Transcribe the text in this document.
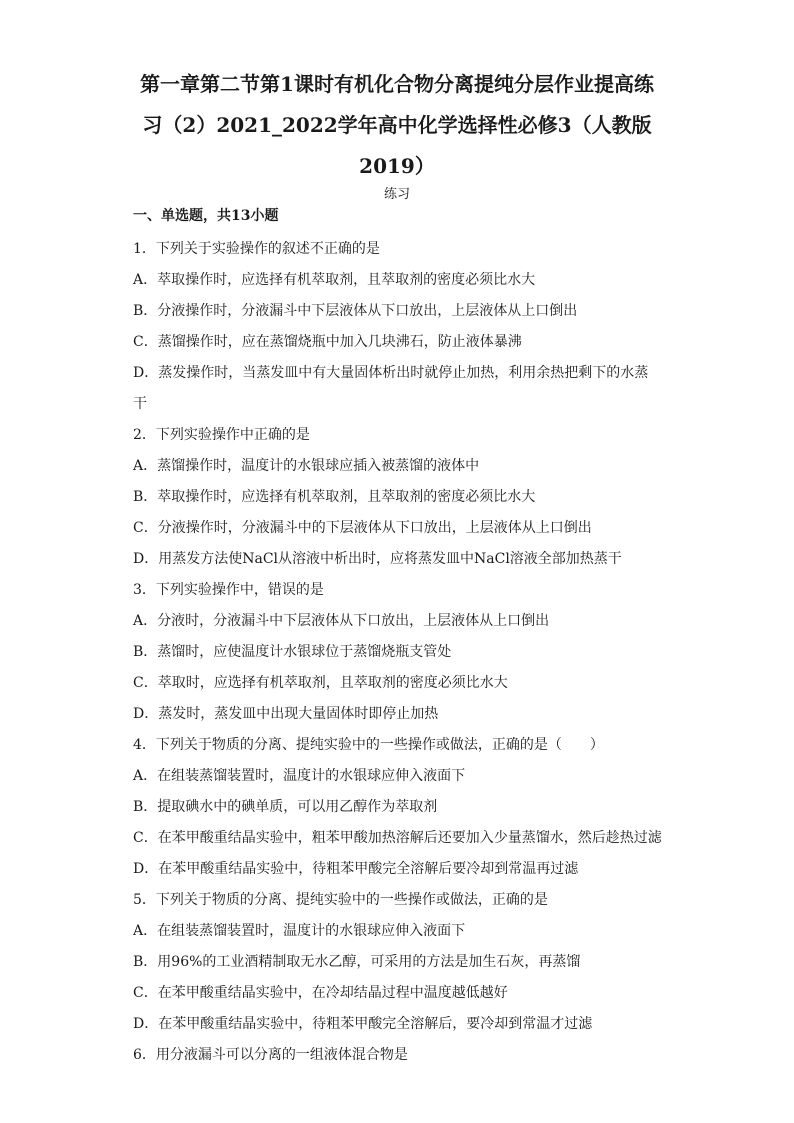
第一章第二节第1课时有机化合物分离提纯分层作业提高练
习（2）2021_2022学年高中化学选择性必修3（人教版
2019）
练习
一、单选题，共13小题
1．下列关于实验操作的叙述不正确的是
A．萃取操作时，应选择有机萃取剂，且萃取剂的密度必须比水大
B．分液操作时，分液漏斗中下层液体从下口放出，上层液体从上口倒出
C．蒸馏操作时，应在蒸馏烧瓶中加入几块沸石，防止液体暴沸
D．蒸发操作时，当蒸发皿中有大量固体析出时就停止加热，利用余热把剩下的水蒸
干
2．下列实验操作中正确的是
A．蒸馏操作时，温度计的水银球应插入被蒸馏的液体中
B．萃取操作时，应选择有机萃取剂，且萃取剂的密度必须比水大
C．分液操作时，分液漏斗中的下层液体从下口放出，上层液体从上口倒出
D．用蒸发方法使NaCl从溶液中析出时，应将蒸发皿中NaCl溶液全部加热蒸干
3．下列实验操作中，错误的是
A．分液时，分液漏斗中下层液体从下口放出，上层液体从上口倒出
B．蒸馏时，应使温度计水银球位于蒸馏烧瓶支管处
C．萃取时，应选择有机萃取剂，且萃取剂的密度必须比水大
D．蒸发时，蒸发皿中出现大量固体时即停止加热
4．下列关于物质的分离、提纯实验中的一些操作或做法，正确的是（　　）
A．在组装蒸馏装置时，温度计的水银球应伸入液面下
B．提取碘水中的碘单质，可以用乙醇作为萃取剂
C．在苯甲酸重结晶实验中，粗苯甲酸加热溶解后还要加入少量蒸馏水，然后趁热过滤
D．在苯甲酸重结晶实验中，待粗苯甲酸完全溶解后要冷却到常温再过滤
5．下列关于物质的分离、提纯实验中的一些操作或做法，正确的是
A．在组装蒸馏装置时，温度计的水银球应伸入液面下
B．用96%的工业酒精制取无水乙醇，可采用的方法是加生石灰，再蒸馏
C．在苯甲酸重结晶实验中，在冷却结晶过程中温度越低越好
D．在苯甲酸重结晶实验中，待粗苯甲酸完全溶解后，要冷却到常温才过滤
6．用分液漏斗可以分离的一组液体混合物是
